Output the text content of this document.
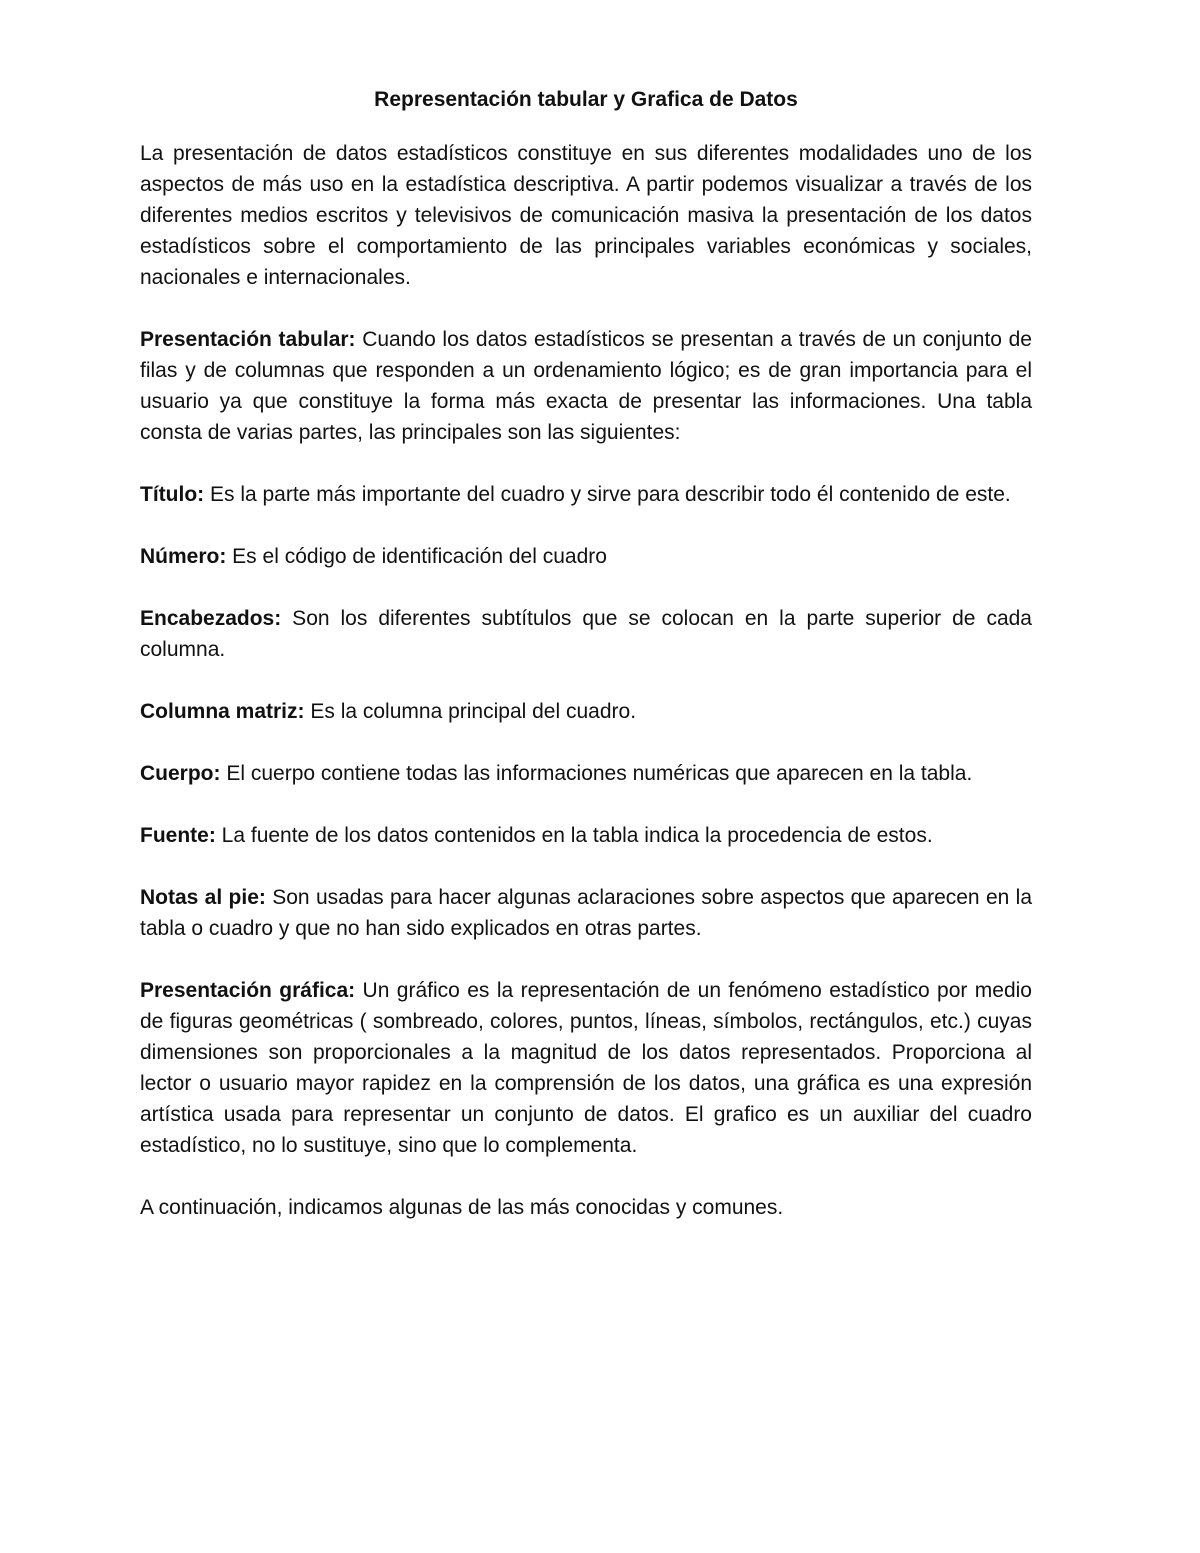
Representación tabular y Grafica de Datos

La presentación de datos estadísticos constituye en sus diferentes modalidades uno de los aspectos de más uso en la estadística descriptiva. A partir podemos visualizar a través de los diferentes medios escritos y televisivos de comunicación masiva la presentación de los datos estadísticos sobre el comportamiento de las principales variables económicas y sociales, nacionales e internacionales.

Presentación tabular: Cuando los datos estadísticos se presentan a través de un conjunto de filas y de columnas que responden a un ordenamiento lógico; es de gran importancia para el usuario ya que constituye la forma más exacta de presentar las informaciones. Una tabla consta de varias partes, las principales son las siguientes:

Título: Es la parte más importante del cuadro y sirve para describir todo él contenido de este.

Número: Es el código de identificación del cuadro

Encabezados: Son los diferentes subtítulos que se colocan en la parte superior de cada columna.

Columna matriz: Es la columna principal del cuadro.

Cuerpo: El cuerpo contiene todas las informaciones numéricas que aparecen en la tabla.

Fuente: La fuente de los datos contenidos en la tabla indica la procedencia de estos.

Notas al pie: Son usadas para hacer algunas aclaraciones sobre aspectos que aparecen en la tabla o cuadro y que no han sido explicados en otras partes.

Presentación gráfica: Un gráfico es la representación de un fenómeno estadístico por medio de figuras geométricas ( sombreado, colores, puntos, líneas, símbolos, rectángulos, etc.) cuyas dimensiones son proporcionales a la magnitud de los datos representados. Proporciona al lector o usuario mayor rapidez en la comprensión de los datos, una gráfica es una expresión artística usada para representar un conjunto de datos. El grafico es un auxiliar del cuadro estadístico, no lo sustituye, sino que lo complementa.

A continuación, indicamos algunas de las más conocidas y comunes.
